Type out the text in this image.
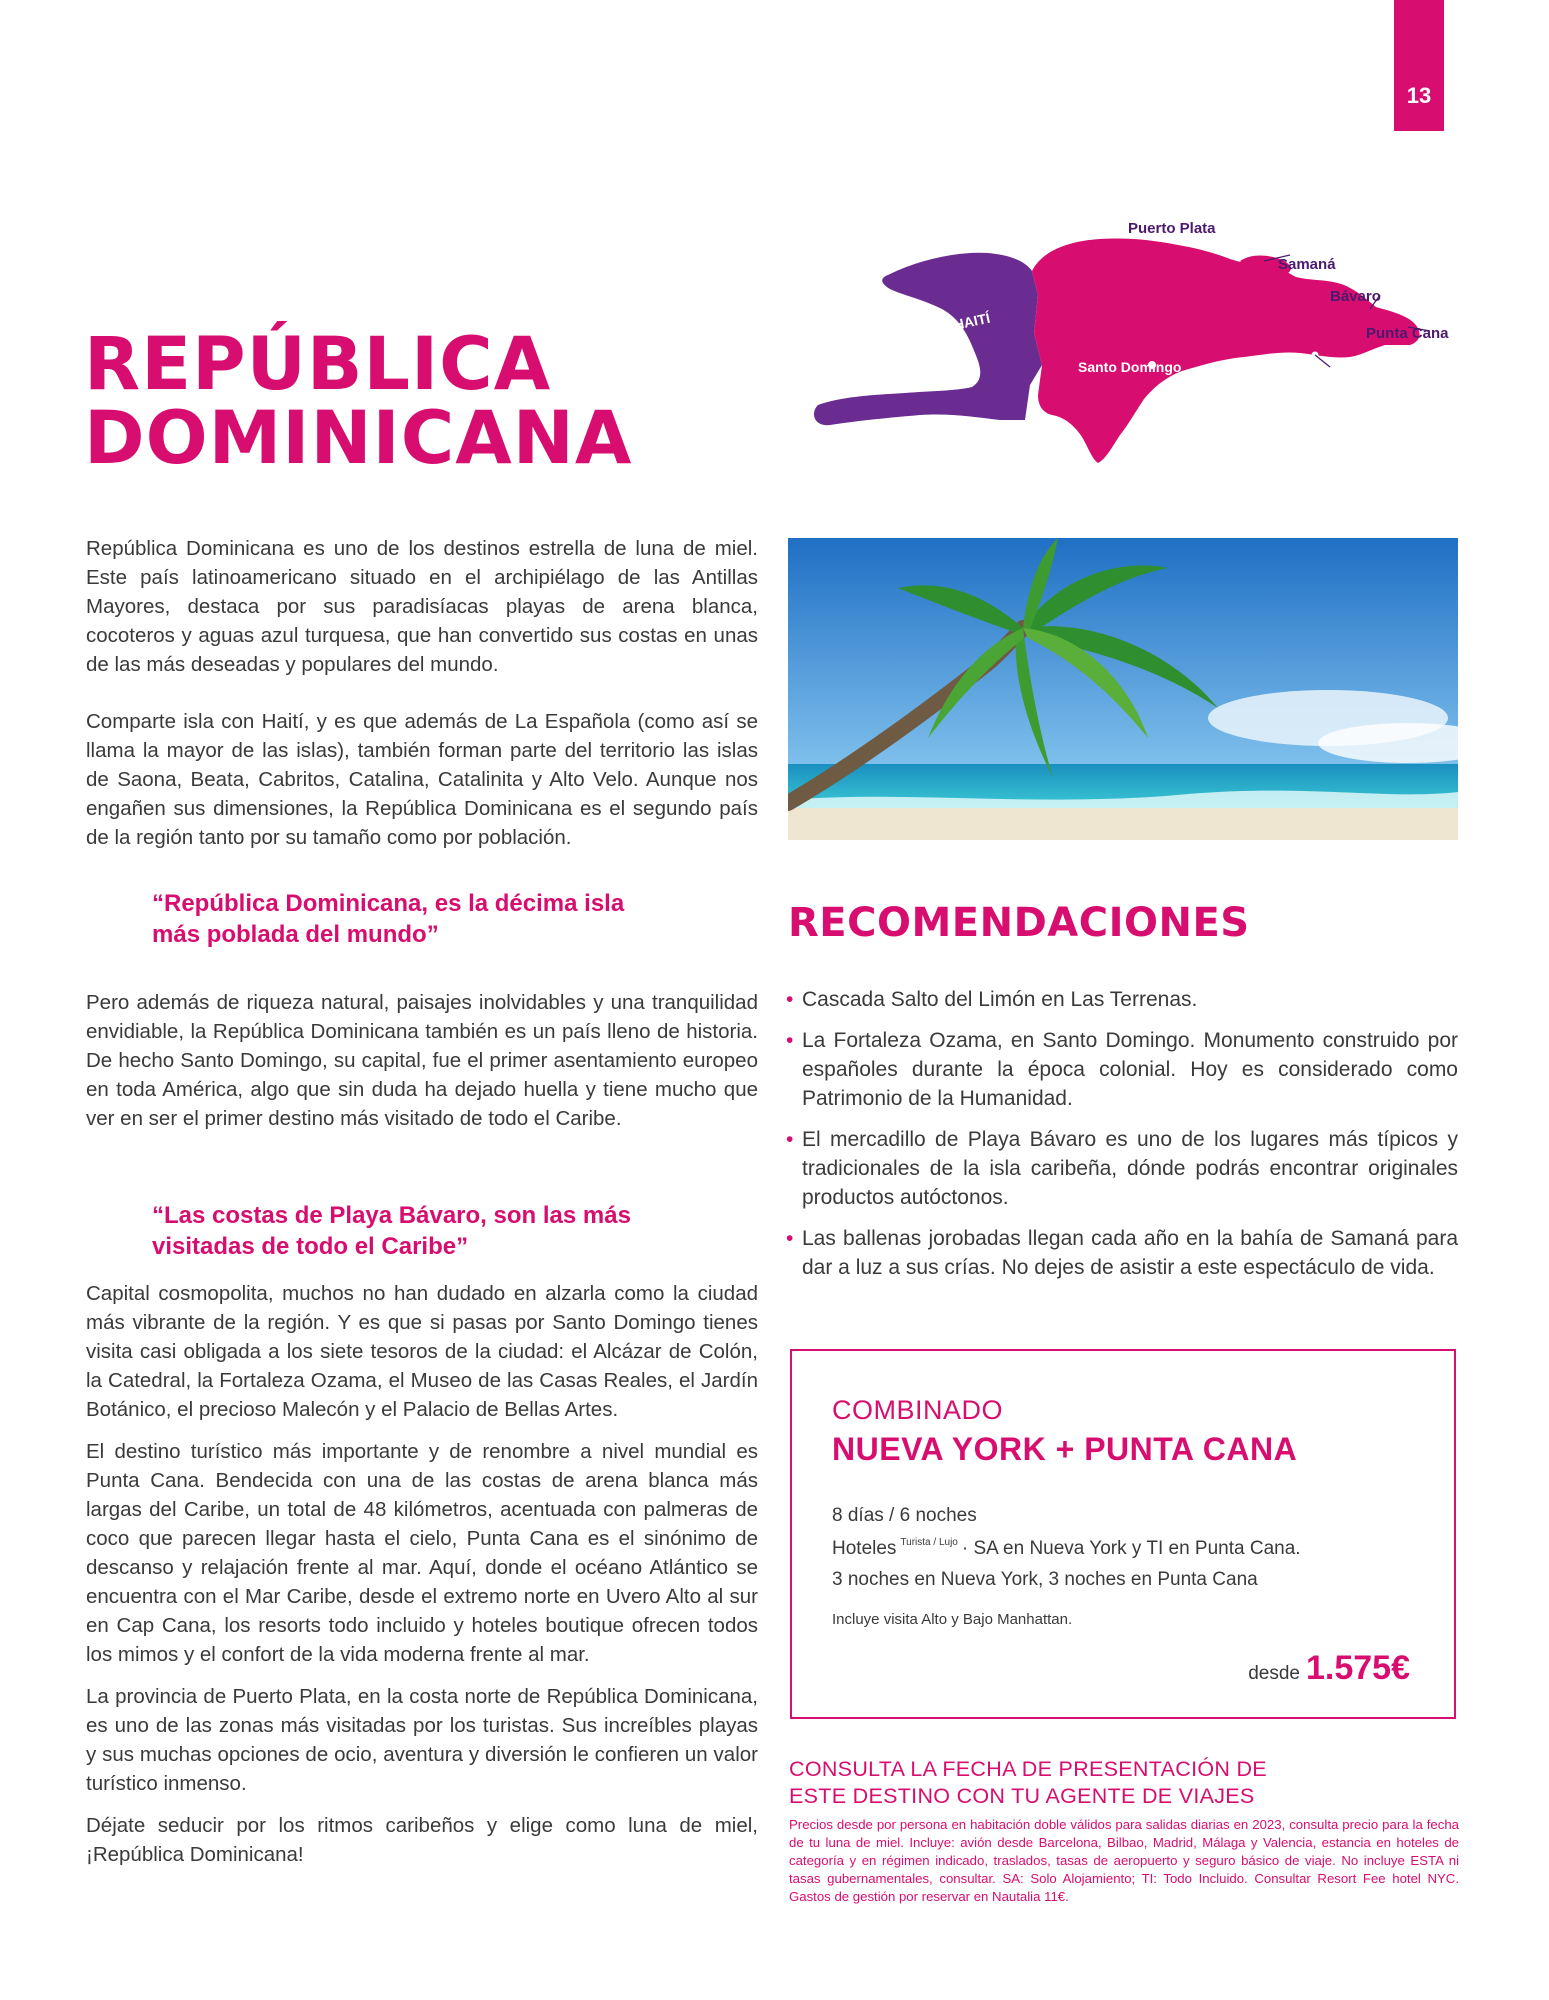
13
HAITÍ
Puerto Plata
Samaná
Bávaro
Punta Cana
Santo Domingo	La Romana
REPÚBLICA
DOMINICANA

República Dominicana es uno de los destinos estrella de luna de miel. Este país latinoamericano situado en el archipiélago de las Antillas Mayores, destaca por sus paradisíacas playas de arena blanca, cocoteros y aguas azul turquesa, que han convertido sus costas en unas de las más deseadas y populares del mundo.

Comparte isla con Haití, y es que además de La Española (como así se llama la mayor de las islas), también forman parte del territorio las islas de Saona, Beata, Cabritos, Catalina, Catalinita y Alto Velo. Aunque nos engañen sus dimensiones, la República Dominicana es el segundo país de la región tanto por su tamaño como por población.

“República Dominicana, es la décima isla
más poblada del mundo”

Pero además de riqueza natural, paisajes inolvidables y una tranquilidad envidiable, la República Dominicana también es un país lleno de historia. De hecho Santo Domingo, su capital, fue el primer asentamiento europeo en toda América, algo que sin duda ha dejado huella y tiene mucho que ver en ser el primer destino más visitado de todo el Caribe.

“Las costas de Playa Bávaro, son las más
visitadas de todo el Caribe”

Capital cosmopolita, muchos no han dudado en alzarla como la ciudad más vibrante de la región. Y es que si pasas por Santo Domingo tienes visita casi obligada a los siete tesoros de la ciudad: el Alcázar de Colón, la Catedral, la Fortaleza Ozama, el Museo de las Casas Reales, el Jardín Botánico, el precioso Malecón y el Palacio de Bellas Artes.

El destino turístico más importante y de renombre a nivel mundial es Punta Cana. Bendecida con una de las costas de arena blanca más largas del Caribe, un total de 48 kilómetros, acentuada con palmeras de coco que parecen llegar hasta el cielo, Punta Cana es el sinónimo de descanso y relajación frente al mar. Aquí, donde el océano Atlántico se encuentra con el Mar Caribe, desde el extremo norte en Uvero Alto al sur en Cap Cana, los resorts todo incluido y hoteles boutique ofrecen todos los mimos y el confort de la vida moderna frente al mar.

La provincia de Puerto Plata, en la costa norte de República Dominicana, es uno de las zonas más visitadas por los turistas. Sus increíbles playas y sus muchas opciones de ocio, aventura y diversión le confieren un valor turístico inmenso.

Déjate seducir por los ritmos caribeños y elige como luna de miel, ¡República Dominicana!

RECOMENDACIONES
• Cascada Salto del Limón en Las Terrenas.
• La Fortaleza Ozama, en Santo Domingo. Monumento construido por españoles durante la época colonial. Hoy es considerado como Patrimonio de la Humanidad.
• El mercadillo de Playa Bávaro es uno de los lugares más típicos y tradicionales de la isla caribeña, dónde podrás encontrar originales productos autóctonos.
• Las ballenas jorobadas llegan cada año en la bahía de Samaná para dar a luz a sus crías. No dejes de asistir a este espectáculo de vida.
COMBINADO
NUEVA YORK + PUNTA CANA
8 días / 6 noches
Hoteles $^{Turista / Lujo}$ · SA en Nueva York y TI en Punta Cana.
3 noches en Nueva York, 3 noches en Punta Cana
Incluye visita Alto y Bajo Manhattan.
desde 1.575€

CONSULTA LA FECHA DE PRESENTACIÓN DE
ESTE DESTINO CON TU AGENTE DE VIAJES

Precios desde por persona en habitación doble válidos para salidas diarias en 2023, consulta precio para la fecha de tu luna de miel. Incluye: avión desde Barcelona, Bilbao, Madrid, Málaga y Valencia, estancia en hoteles de categoría y en régimen indicado, traslados, tasas de aeropuerto y seguro básico de viaje. No incluye ESTA ni tasas gubernamentales, consultar. SA: Solo Alojamiento; TI: Todo Incluido. Consultar Resort Fee hotel NYC. Gastos de gestión por reservar en Nautalia 11€.
